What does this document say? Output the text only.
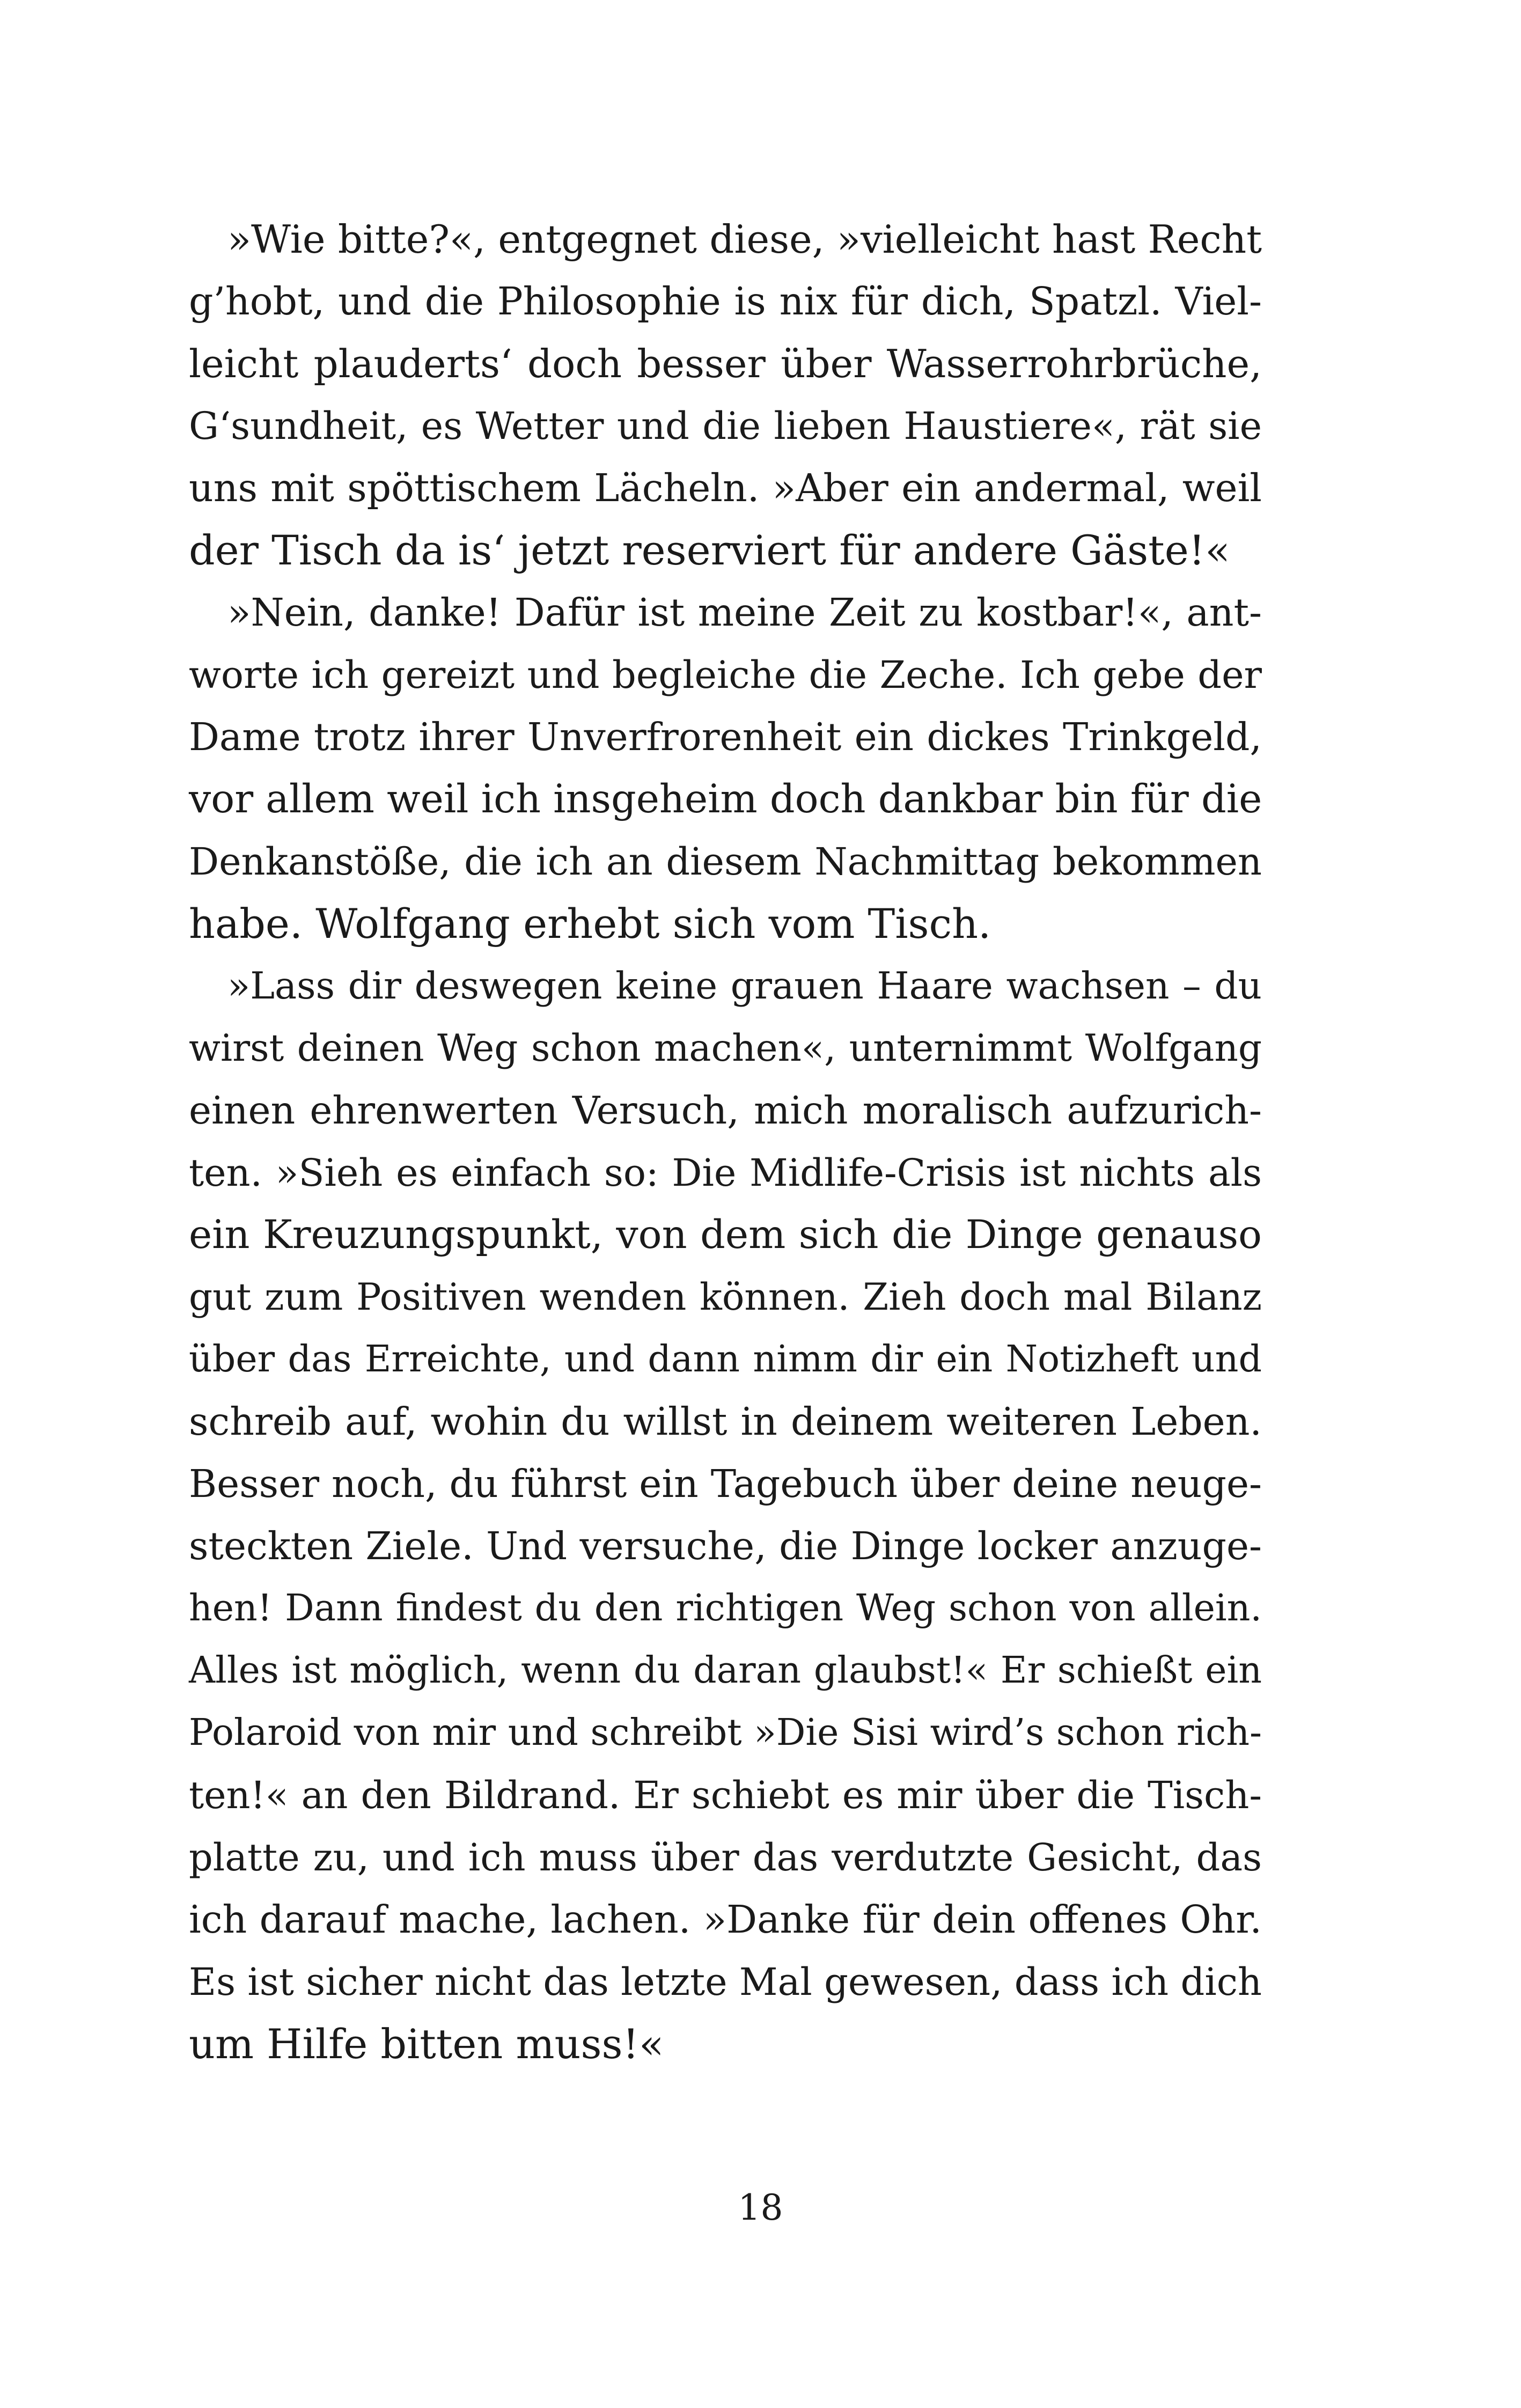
»Wie bitte?«, entgegnet diese, »vielleicht hast Recht
g’hobt, und die Philosophie is nix für dich, Spatzl. Viel-
leicht plauderts‘ doch besser über Wasserrohrbrüche,
G‘sundheit, es Wetter und die lieben Haustiere«, rät sie
uns mit spöttischem Lächeln. »Aber ein andermal, weil
der Tisch da is‘ jetzt reserviert für andere Gäste!«
»Nein, danke! Dafür ist meine Zeit zu kostbar!«, ant-
worte ich gereizt und begleiche die Zeche. Ich gebe der
Dame trotz ihrer Unverfrorenheit ein dickes Trinkgeld,
vor allem weil ich insgeheim doch dankbar bin für die
Denkanstöße, die ich an diesem Nachmittag bekommen
habe. Wolfgang erhebt sich vom Tisch.
»Lass dir deswegen keine grauen Haare wachsen – du
wirst deinen Weg schon machen«, unternimmt Wolfgang
einen ehrenwerten Versuch, mich moralisch aufzurich-
ten. »Sieh es einfach so: Die Midlife-Crisis ist nichts als
ein Kreuzungspunkt, von dem sich die Dinge genauso
gut zum Positiven wenden können. Zieh doch mal Bilanz
über das Erreichte, und dann nimm dir ein Notizheft und
schreib auf, wohin du willst in deinem weiteren Leben.
Besser noch, du führst ein Tagebuch über deine neuge-
steckten Ziele. Und versuche, die Dinge locker anzuge-
hen! Dann findest du den richtigen Weg schon von allein.
Alles ist möglich, wenn du daran glaubst!« Er schießt ein
Polaroid von mir und schreibt »Die Sisi wird’s schon rich-
ten!« an den Bildrand. Er schiebt es mir über die Tisch-
platte zu, und ich muss über das verdutzte Gesicht, das
ich darauf mache, lachen. »Danke für dein offenes Ohr.
Es ist sicher nicht das letzte Mal gewesen, dass ich dich
um Hilfe bitten muss!«
18
